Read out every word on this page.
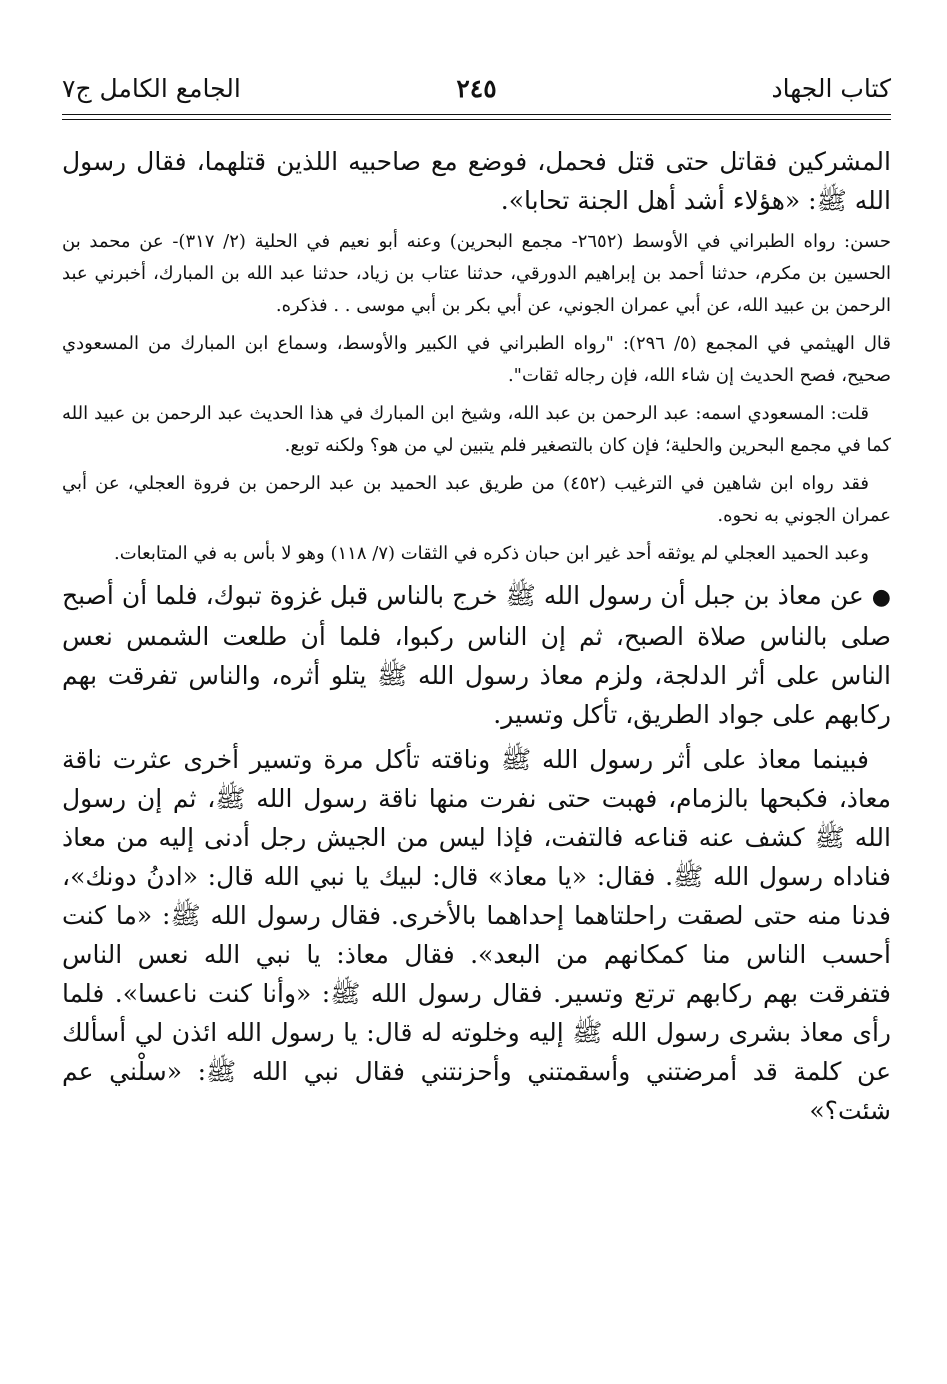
كتاب الجهاد
٢٤٥
الجامع الكامل ج٧

المشركين فقاتل حتى قتل فحمل، فوضع مع صاحبيه اللذين قتلهما، فقال رسول الله ﷺ: «هؤلاء أشد أهل الجنة تحابا».

حسن: رواه الطبراني في الأوسط (٢٦٥٢- مجمع البحرين) وعنه أبو نعيم في الحلية (٢/ ٣١٧)- عن محمد بن الحسين بن مكرم، حدثنا أحمد بن إبراهيم الدورقي، حدثنا عتاب بن زياد، حدثنا عبد الله بن المبارك، أخبرني عبد الرحمن بن عبيد الله، عن أبي عمران الجوني، عن أبي بكر بن أبي موسى . . فذكره.

قال الهيثمي في المجمع (٥/ ٢٩٦): "رواه الطبراني في الكبير والأوسط، وسماع ابن المبارك من المسعودي صحيح، فصح الحديث إن شاء الله، فإن رجاله ثقات".

قلت: المسعودي اسمه: عبد الرحمن بن عبد الله، وشيخ ابن المبارك في هذا الحديث عبد الرحمن بن عبيد الله كما في مجمع البحرين والحلية؛ فإن كان بالتصغير فلم يتبين لي من هو؟ ولكنه توبع.

فقد رواه ابن شاهين في الترغيب (٤٥٢) من طريق عبد الحميد بن عبد الرحمن بن فروة العجلي، عن أبي عمران الجوني به نحوه.

وعبد الحميد العجلي لم يوثقه أحد غير ابن حبان ذكره في الثقات (٧/ ١١٨) وهو لا بأس به في المتابعات.

●عن معاذ بن جبل أن رسول الله ﷺ خرج بالناس قبل غزوة تبوك، فلما أن أصبح صلى بالناس صلاة الصبح، ثم إن الناس ركبوا، فلما أن طلعت الشمس نعس الناس على أثر الدلجة، ولزم معاذ رسول الله ﷺ يتلو أثره، والناس تفرقت بهم ركابهم على جواد الطريق، تأكل وتسير.

فبينما معاذ على أثر رسول الله ﷺ وناقته تأكل مرة وتسير أخرى عثرت ناقة معاذ، فكبحها بالزمام، فهبت حتى نفرت منها ناقة رسول الله ﷺ، ثم إن رسول الله ﷺ كشف عنه قناعه فالتفت، فإذا ليس من الجيش رجل أدنى إليه من معاذ فناداه رسول الله ﷺ. فقال: «يا معاذ» قال: لبيك يا نبي الله قال: «ادنُ دونك»، فدنا منه حتى لصقت راحلتاهما إحداهما بالأخرى. فقال رسول الله ﷺ: «ما كنت أحسب الناس منا كمكانهم من البعد». فقال معاذ: يا نبي الله نعس الناس فتفرقت بهم ركابهم ترتع وتسير. فقال رسول الله ﷺ: «وأنا كنت ناعسا». فلما رأى معاذ بشرى رسول الله ﷺ إليه وخلوته له قال: يا رسول الله ائذن لي أسألك عن كلمة قد أمرضتني وأسقمتني وأحزنتني فقال نبي الله ﷺ: «سلْني عم شئت؟»
